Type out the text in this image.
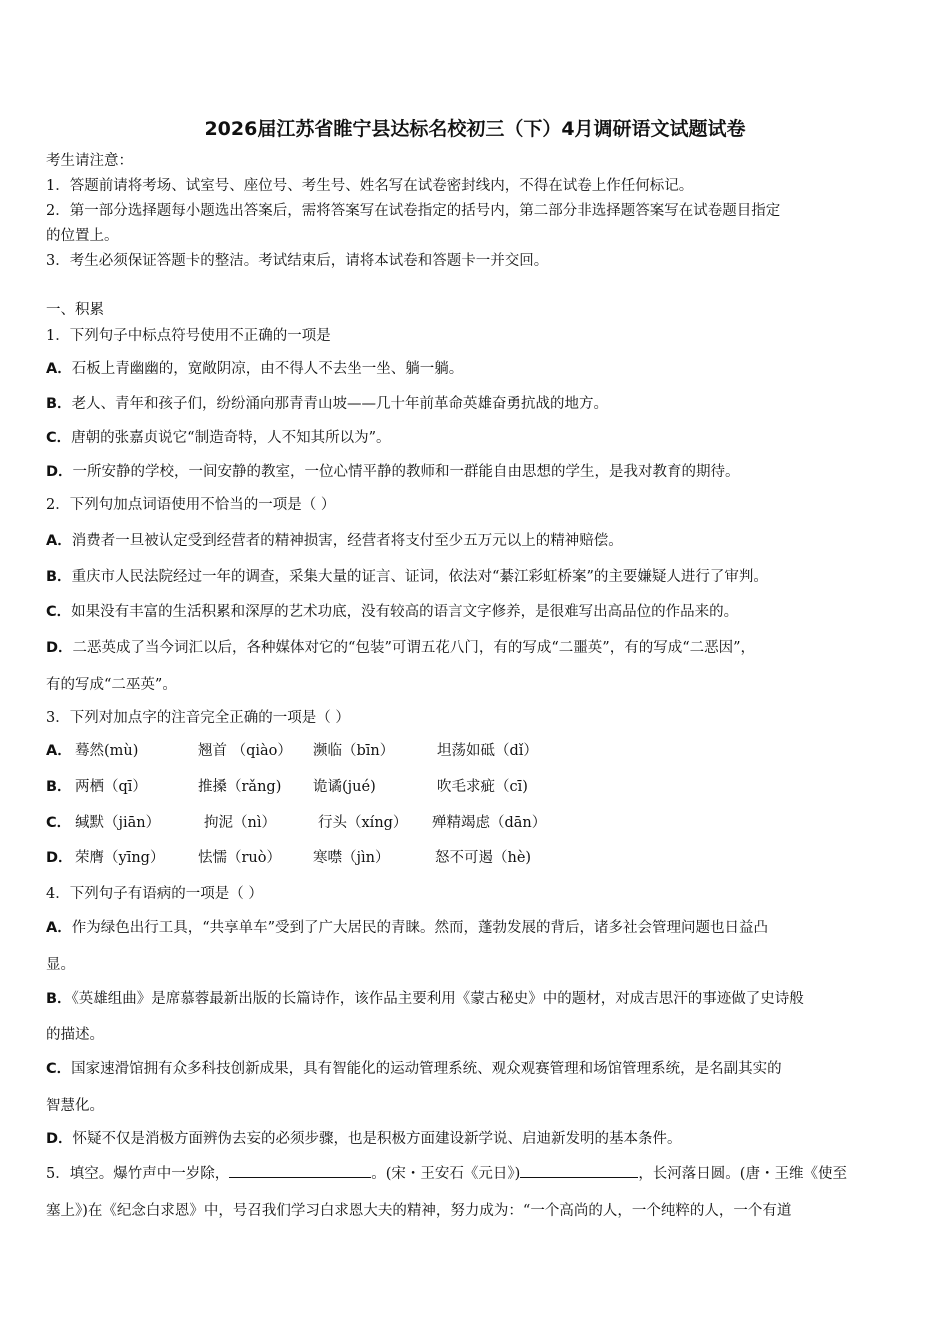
2026届江苏省睢宁县达标名校初三（下）4月调研语文试题试卷
考生请注意：
1．答题前请将考场、试室号、座位号、考生号、姓名写在试卷密封线内，不得在试卷上作任何标记。
2．第一部分选择题每小题选出答案后，需将答案写在试卷指定的括号内，第二部分非选择题答案写在试卷题目指定
的位置上。
3．考生必须保证答题卡的整洁。考试结束后，请将本试卷和答题卡一并交回。
一、积累
1．下列句子中标点符号使用不正确的一项是
A．石板上青幽幽的，宽敞阴凉，由不得人不去坐一坐、躺一躺。
B．老人、青年和孩子们，纷纷涌向那青青山坡——几十年前革命英雄奋勇抗战的地方。
C．唐朝的张嘉贞说它“制造奇特，人不知其所以为”。
D．一所安静的学校，一间安静的教室，一位心情平静的教师和一群能自由思想的学生，是我对教育的期待。
2．下列句加点词语使用不恰当的一项是（ ）
A．消费者一旦被认定受到经营者的精神损害，经营者将支付至少五万元以上的精神赔偿。
B．重庆市人民法院经过一年的调查，采集大量的证言、证词，依法对“綦江彩虹桥案”的主要嫌疑人进行了审判。
C．如果没有丰富的生活积累和深厚的艺术功底，没有较高的语言文字修养，是很难写出高品位的作品来的。
D．二恶英成了当今词汇以后，各种媒体对它的“包装”可谓五花八门，有的写成“二噩英”，有的写成“二恶因”，
有的写成“二巫英”。
3．下列对加点字的注音完全正确的一项是（ ）
A． 蓦然(mù)	翘首 （qiào） 濒临（bīn）	坦荡如砥（dǐ）
B． 两栖（qī）	推搡（rǎng) 诡谲(jué)	吹毛求疵（cī)
C． 缄默（jiān）	拘泥（nì）	行头（xíng） 殚精竭虑（dān）
D． 荣膺（yīng） 怯懦（ruò） 寒噤（jìn）	怒不可遏（hè)
4．下列句子有语病的一项是（ ）
A．作为绿色出行工具，“共享单车”受到了广大居民的青睐。然而，蓬勃发展的背后，诸多社会管理问题也日益凸
显。
B．《英雄组曲》是席慕蓉最新出版的长篇诗作，该作品主要利用《蒙古秘史》中的题材，对成吉思汗的事迹做了史诗般
的描述。
C．国家速滑馆拥有众多科技创新成果，具有智能化的运动管理系统、观众观赛管理和场馆管理系统，是名副其实的
智慧化。
D．怀疑不仅是消极方面辨伪去妄的必须步骤，也是积极方面建设新学说、启迪新发明的基本条件。
5．填空。爆竹声中一岁除，	。(宋・王安石《元日》)	，长河落日圆。(唐・王维《使至
塞上》)在《纪念白求恩》中，号召我们学习白求恩大夫的精神，努力成为：“一个高尚的人，一个纯粹的人，一个有道
